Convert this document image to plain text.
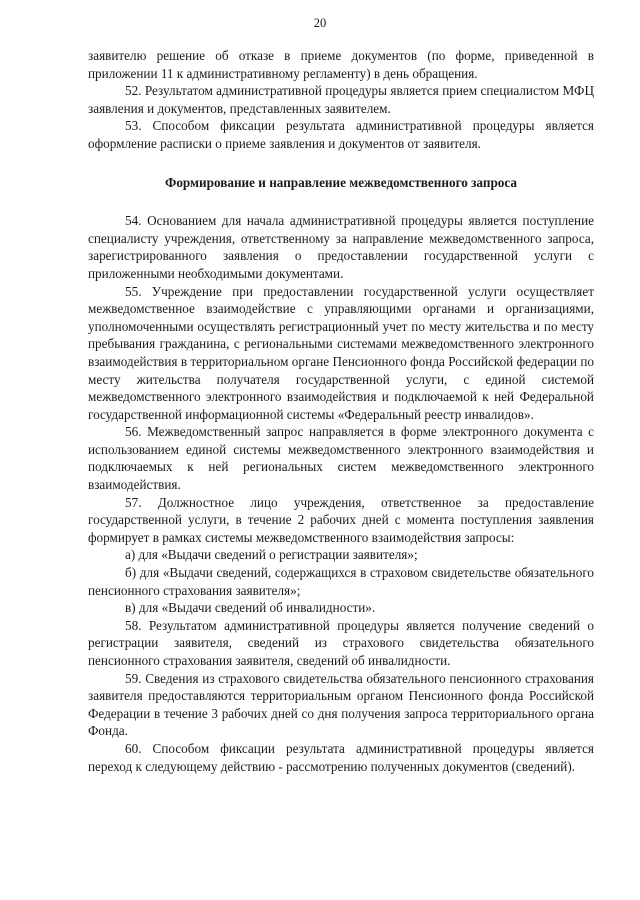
20

заявителю решение об отказе в приеме документов (по форме, приведенной в приложении 11 к административному регламенту) в день обращения.

52. Результатом административной процедуры является прием специалистом МФЦ заявления и документов, представленных заявителем.

53. Способом фиксации результата административной процедуры является оформление расписки о приеме заявления и документов от заявителя.

Формирование и направление межведомственного запроса

54. Основанием для начала административной процедуры является поступление специалисту учреждения, ответственному за направление межведомственного запроса, зарегистрированного заявления о предоставлении государственной услуги с приложенными необходимыми документами.

55. Учреждение при предоставлении государственной услуги осуществляет межведомственное взаимодействие с управляющими органами и организациями, уполномоченными осуществлять регистрационный учет по месту жительства и по месту пребывания гражданина, с региональными системами межведомственного электронного взаимодействия в территориальном органе Пенсионного фонда Российской федерации по месту жительства получателя государственной услуги, с единой системой межведомственного электронного взаимодействия и подключаемой к ней Федеральной государственной информационной системы «Федеральный реестр инвалидов».

56. Межведомственный запрос направляется в форме электронного документа с использованием единой системы межведомственного электронного взаимодействия и подключаемых к ней региональных систем межведомственного электронного взаимодействия.

57. Должностное лицо учреждения, ответственное за предоставление государственной услуги, в течение 2 рабочих дней с момента поступления заявления формирует в рамках системы межведомственного взаимодействия запросы:

а) для «Выдачи сведений о регистрации заявителя»;

б) для «Выдачи сведений, содержащихся в страховом свидетельстве обязательного пенсионного страхования заявителя»;

в) для «Выдачи сведений об инвалидности».

58. Результатом административной процедуры является получение сведений о регистрации заявителя, сведений из страхового свидетельства обязательного пенсионного страхования заявителя, сведений об инвалидности.

59. Сведения из страхового свидетельства обязательного пенсионного страхования заявителя предоставляются территориальным органом Пенсионного фонда Российской Федерации в течение 3 рабочих дней со дня получения запроса территориального органа Фонда.

60. Способом фиксации результата административной процедуры является переход к следующему действию - рассмотрению полученных документов (сведений).
